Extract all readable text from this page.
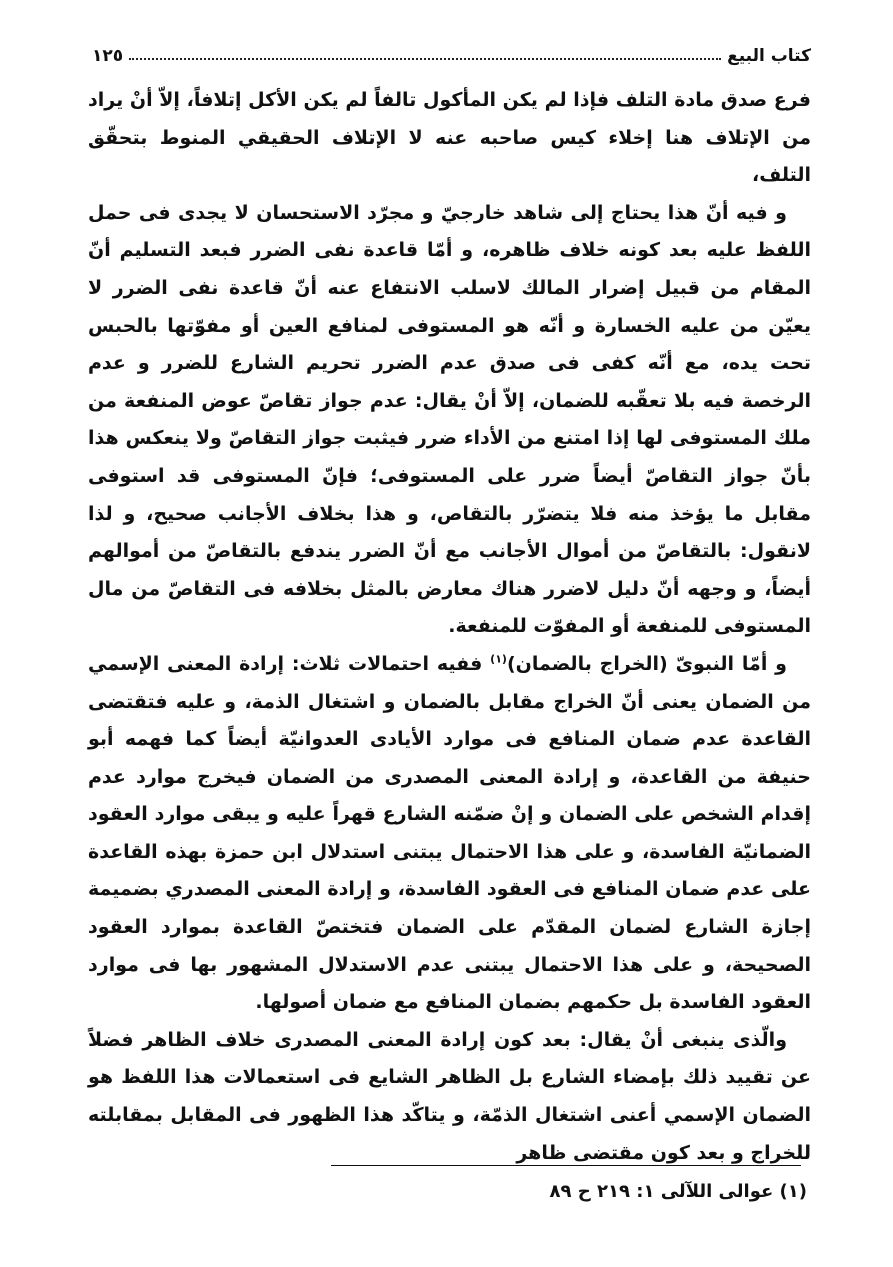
كتاب البيع
١٢٥

فرع صدق مادة التلف فإذا لم يكن المأكول تالفاً لم يكن الأكل إتلافاً، إلاّ أنْ يراد من الإتلاف هنا إخلاء كيس صاحبه عنه لا الإتلاف الحقيقي المنوط بتحقّق التلف،

و فيه أنّ هذا يحتاج إلى شاهد خارجيّ و مجرّد الاستحسان لا يجدى فى حمل اللفظ عليه بعد كونه خلاف ظاهره، و أمّا قاعدة نفى الضرر فبعد التسليم أنّ المقام من قبيل إضرار المالك لاسلب الانتفاع عنه أنّ قاعدة نفى الضرر لا يعيّن من عليه الخسارة و أنّه هو المستوفى لمنافع العين أو مفوّتها بالحبس تحت يده، مع أنّه كفى فى صدق عدم الضرر تحريم الشارع للضرر و عدم الرخصة فيه بلا تعقّبه للضمان، إلاّ أنْ يقال: عدم جواز تقاصّ عوض المنفعة من ملك المستوفى لها إذا امتنع من الأداء ضرر فيثبت جواز التقاصّ ولا ينعكس هذا بأنّ جواز التقاصّ أيضاً ضرر على المستوفى؛ فإنّ المستوفى قد استوفى مقابل ما يؤخذ منه فلا يتضرّر بالتقاص، و هذا بخلاف الأجانب صحيح، و لذا لانقول: بالتقاصّ من أموال الأجانب مع أنّ الضرر يندفع بالتقاصّ من أموالهم أيضاً، و وجهه أنّ دليل لاضرر هناك معارض بالمثل بخلافه فى التقاصّ من مال المستوفى للمنفعة أو المفوّت للمنفعة.

و أمّا النبوىّ (الخراج بالضمان)$^{(١)}$ ففيه احتمالات ثلاث: إرادة المعنى الإسمي من الضمان يعنى أنّ الخراج مقابل بالضمان و اشتغال الذمة، و عليه فتقتضى القاعدة عدم ضمان المنافع فى موارد الأيادى العدوانيّة أيضاً كما فهمه أبو حنيفة من القاعدة، و إرادة المعنى المصدرى من الضمان فيخرج موارد عدم إقدام الشخص على الضمان و إنْ ضمّنه الشارع قهراً عليه و يبقى موارد العقود الضمانيّة الفاسدة، و على هذا الاحتمال يبتنى استدلال ابن حمزة بهذه القاعدة على عدم ضمان المنافع فى العقود الفاسدة، و إرادة المعنى المصدري بضميمة إجازة الشارع لضمان المقدّم على الضمان فتختصّ القاعدة بموارد العقود الصحيحة، و على هذا الاحتمال يبتنى عدم الاستدلال المشهور بها فى موارد العقود الفاسدة بل حكمهم بضمان المنافع مع ضمان أصولها.

والّذى ينبغى أنْ يقال: بعد كون إرادة المعنى المصدرى خلاف الظاهر فضلاً عن تقييد ذلك بإمضاء الشارع بل الظاهر الشايع فى استعمالات هذا اللفظ هو الضمان الإسمي أعنى اشتغال الذمّة، و يتاكّد هذا الظهور فى المقابل بمقابلته للخراج و بعد كون مقتضى ظاهر

(١) عوالى اللآلى ١: ٢١٩ ح ٨٩
